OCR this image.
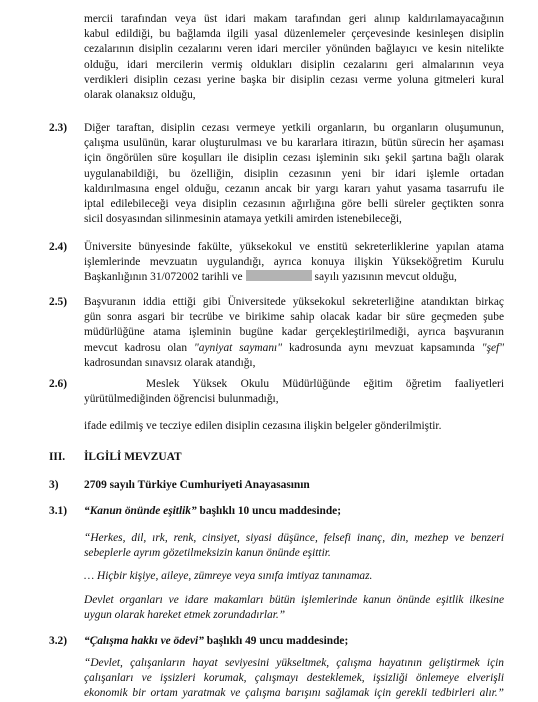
mercii tarafından veya üst idari makam tarafından geri alınıp kaldırılamayacağının
kabul edildiği, bu bağlamda ilgili yasal düzenlemeler çerçevesinde kesinleşen disiplin
cezalarının disiplin cezalarını veren idari merciler yönünden bağlayıcı ve kesin nitelikte
olduğu, idari mercilerin vermiş oldukları disiplin cezalarını geri almalarının veya
verdikleri disiplin cezası yerine başka bir disiplin cezası verme yoluna gitmeleri kural
olarak olanaksız olduğu,
2.3) Diğer taraftan, disiplin cezası vermeye yetkili organların, bu organların oluşumunun,
çalışma usulünün, karar oluşturulması ve bu kararlara itirazın, bütün sürecin her aşaması
için öngörülen süre koşulları ile disiplin cezası işleminin sıkı şekil şartına bağlı olarak
uygulanabildiği, bu özelliğin, disiplin cezasının yeni bir idari işlemle ortadan
kaldırılmasına engel olduğu, cezanın ancak bir yargı kararı yahut yasama tasarrufu ile
iptal edilebileceği veya disiplin cezasının ağırlığına göre belli süreler geçtikten sonra
sicil dosyasından silinmesinin atamaya yetkili amirden istenebileceği,
2.4) Üniversite bünyesinde fakülte, yüksekokul ve enstitü sekreterliklerine yapılan atama
işlemlerinde mevzuatın uygulandığı, ayrıca konuya ilişkin Yükseköğretim Kurulu
Başkanlığının 31/072002 tarihli ve	sayılı yazısının mevcut olduğu,
2.5) Başvuranın iddia ettiği gibi Üniversitede yüksekokul sekreterliğine atandıktan birkaç
gün sonra asgari bir tecrübe ve birikime sahip olacak kadar bir süre geçmeden şube
müdürlüğüne atama işleminin bugüne kadar gerçekleştirilmediği, ayrıca başvuranın
mevcut kadrosu olan "ayniyat saymanı" kadrosunda aynı mevzuat kapsamında "şef"
kadrosundan sınavsız olarak atandığı,
2.6)	Meslek Yüksek Okulu Müdürlüğünde eğitim öğretim faaliyetleri
yürütülmediğinden öğrencisi bulunmadığı,
ifade edilmiş ve tecziye edilen disiplin cezasına ilişkin belgeler gönderilmiştir.
III. İLGİLİ MEVZUAT
3) 2709 sayılı Türkiye Cumhuriyeti Anayasasının
3.1) “Kanun önünde eşitlik” başlıklı 10 uncu maddesinde;
“Herkes, dil, ırk, renk, cinsiyet, siyasi düşünce, felsefi inanç, din, mezhep ve benzeri
sebeplerle ayrım gözetilmeksizin kanun önünde eşittir.
… Hiçbir kişiye, aileye, zümreye veya sınıfa imtiyaz tanınamaz.
Devlet organları ve idare makamları bütün işlemlerinde kanun önünde eşitlik ilkesine
uygun olarak hareket etmek zorundadırlar.”
3.2) “Çalışma hakkı ve ödevi” başlıklı 49 uncu maddesinde;
“Devlet, çalışanların hayat seviyesini yükseltmek, çalışma hayatının geliştirmek için
çalışanları ve işsizleri korumak, çalışmayı desteklemek, işsizliği önlemeye elverişli
ekonomik bir ortam yaratmak ve çalışma barışını sağlamak için gerekli tedbirleri alır.”
